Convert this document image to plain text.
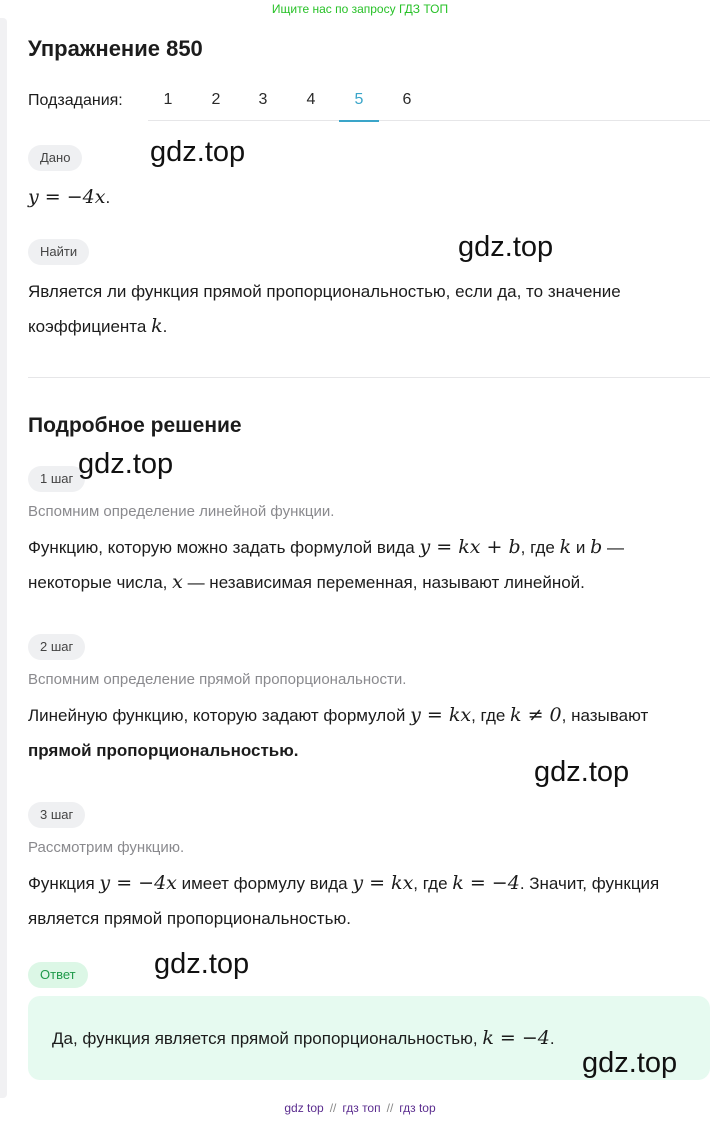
Ищите нас по запросу ГДЗ ТОП
Упражнение 850
Подзадания:	1	2	3	4	5	6
Дано
y = −4x.
Найти
Является ли функция прямой пропорциональностью, если да, то значение
коэффициента k.
Подробное решение
1 шаг
Вспомним определение линейной функции.
Функцию, которую можно задать формулой вида y = kx + b, где k и b —
некоторые числа, x — независимая переменная, называют линейной.
2 шаг
Вспомним определение прямой пропорциональности.
Линейную функцию, которую задают формулой y = kx, где k ≠ 0, называют
прямой пропорциональностью.
3 шаг
Рассмотрим функцию.
Функция y = −4x имеет формулу вида y = kx, где k = −4. Значит, функция
является прямой пропорциональностью.
Ответ
Да, функция является прямой пропорциональностью, k = −4.
gdz.top
gdz.top
gdz.top
gdz.top
gdz.top
gdz.top
gdz top // гдз топ // гдз top
